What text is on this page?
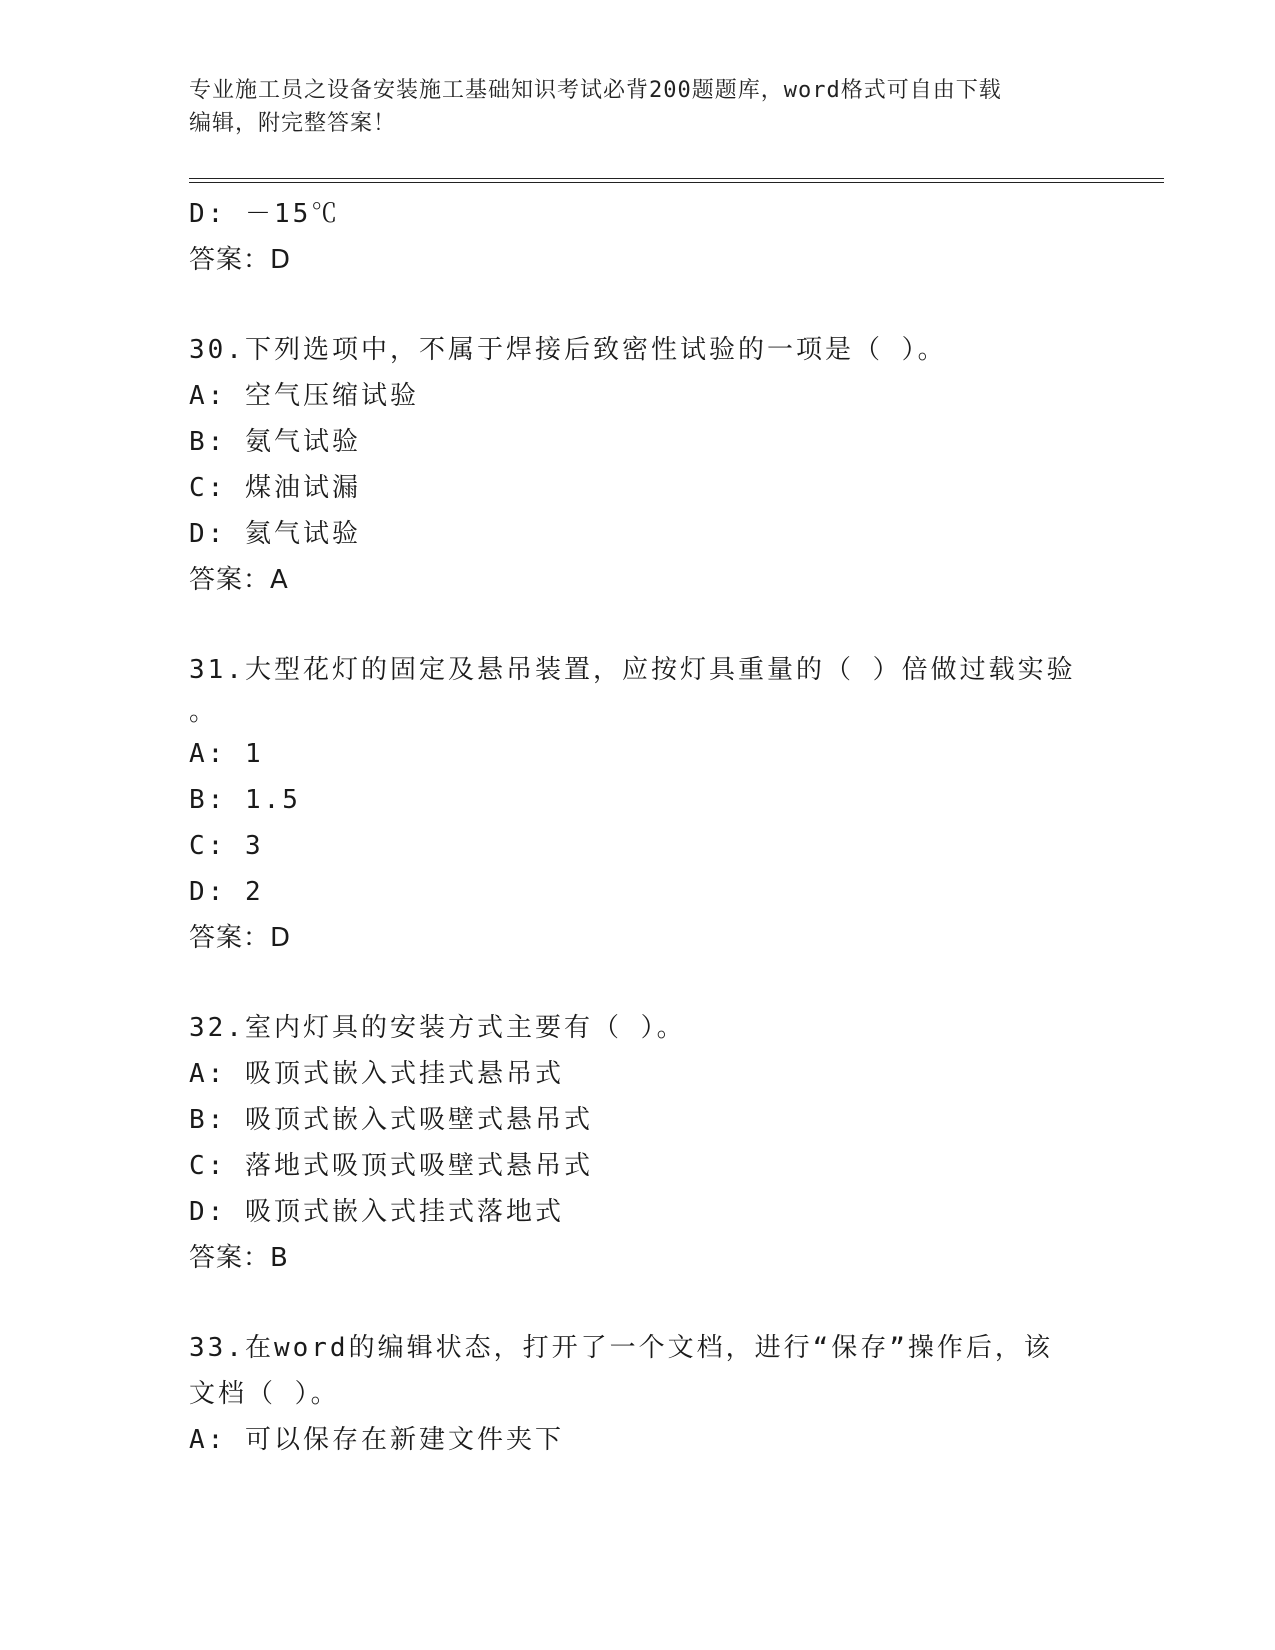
专业施工员之设备安装施工基础知识考试必背200题题库，word格式可自由下载
编辑，附完整答案！
D: －15℃
答案：D
30.下列选项中，不属于焊接后致密性试验的一项是（ ）。
A: 空气压缩试验
B: 氨气试验
C: 煤油试漏
D: 氦气试验
答案：A
31.大型花灯的固定及悬吊装置，应按灯具重量的（ ）倍做过载实验
。
A: 1
B: 1.5
C: 3
D: 2
答案：D
32.室内灯具的安装方式主要有（ ）。
A: 吸顶式嵌入式挂式悬吊式
B: 吸顶式嵌入式吸壁式悬吊式
C: 落地式吸顶式吸壁式悬吊式
D: 吸顶式嵌入式挂式落地式
答案：B
33.在word的编辑状态，打开了一个文档，进行“保存”操作后，该
文档（ ）。
A: 可以保存在新建文件夹下
